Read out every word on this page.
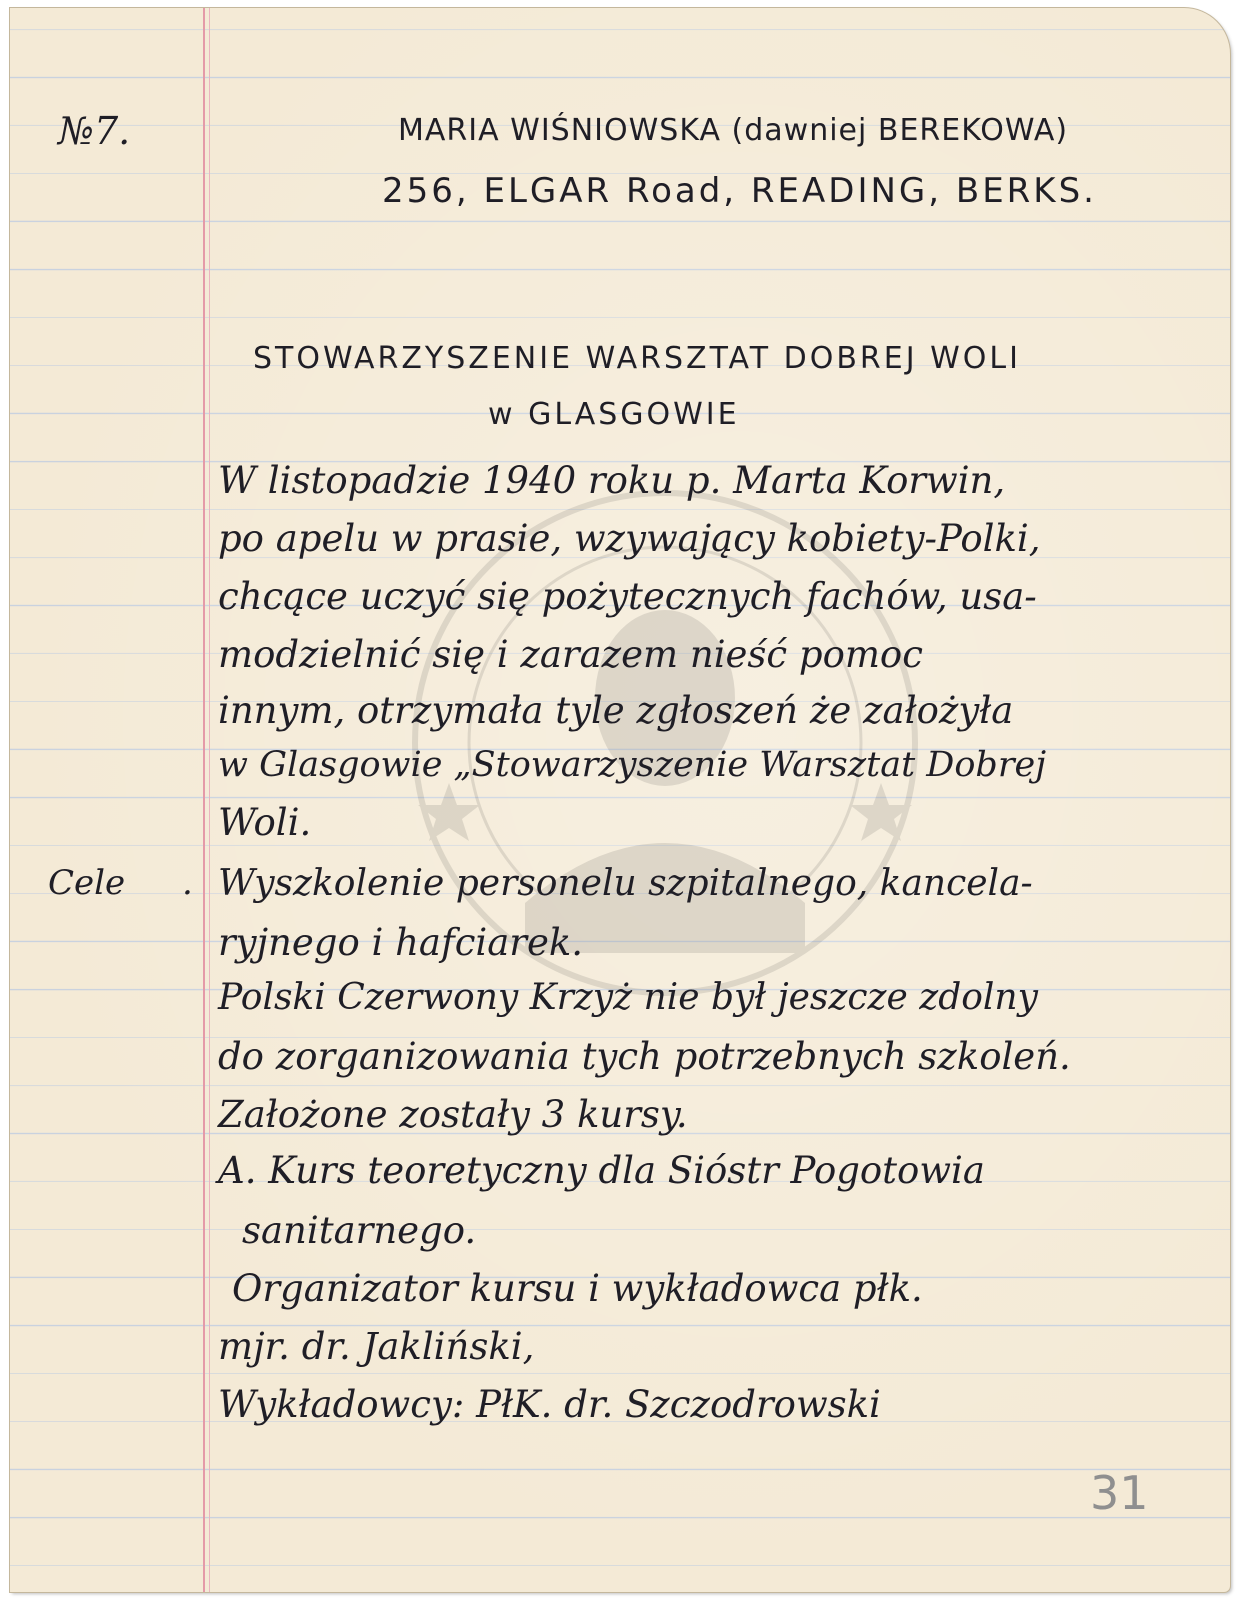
№7.	MARIA WIŚNIOWSKA (dawniej BEREKOWA)
256, ELGAR Road, READING, BERKS.
STOWARZYSZENIE WARSZTAT DOBREJ WOLI
w GLASGOWIE
Cele .
W listopadzie 1940 roku p. Marta Korwin,
po apelu w prasie, wzywający kobiety-Polki,
chcące uczyć się pożytecznych fachów, usa-
modzielnić się i zarazem nieść pomoc
innym, otrzymała tyle zgłoszeń że założyła
w Glasgowie „Stowarzyszenie Warsztat Dobrej
Woli.
Wyszkolenie personelu szpitalnego, kancela-
ryjnego i hafciarek.
Polski Czerwony Krzyż nie był jeszcze zdolny
do zorganizowania tych potrzebnych szkoleń.
Założone zostały 3 kursy.
A. Kurs teoretyczny dla Sióstr Pogotowia
sanitarnego.
Organizator kursu i wykładowca płk.
mjr. dr. Jakliński,
Wykładowcy: PłK. dr. Szczodrowski
31
